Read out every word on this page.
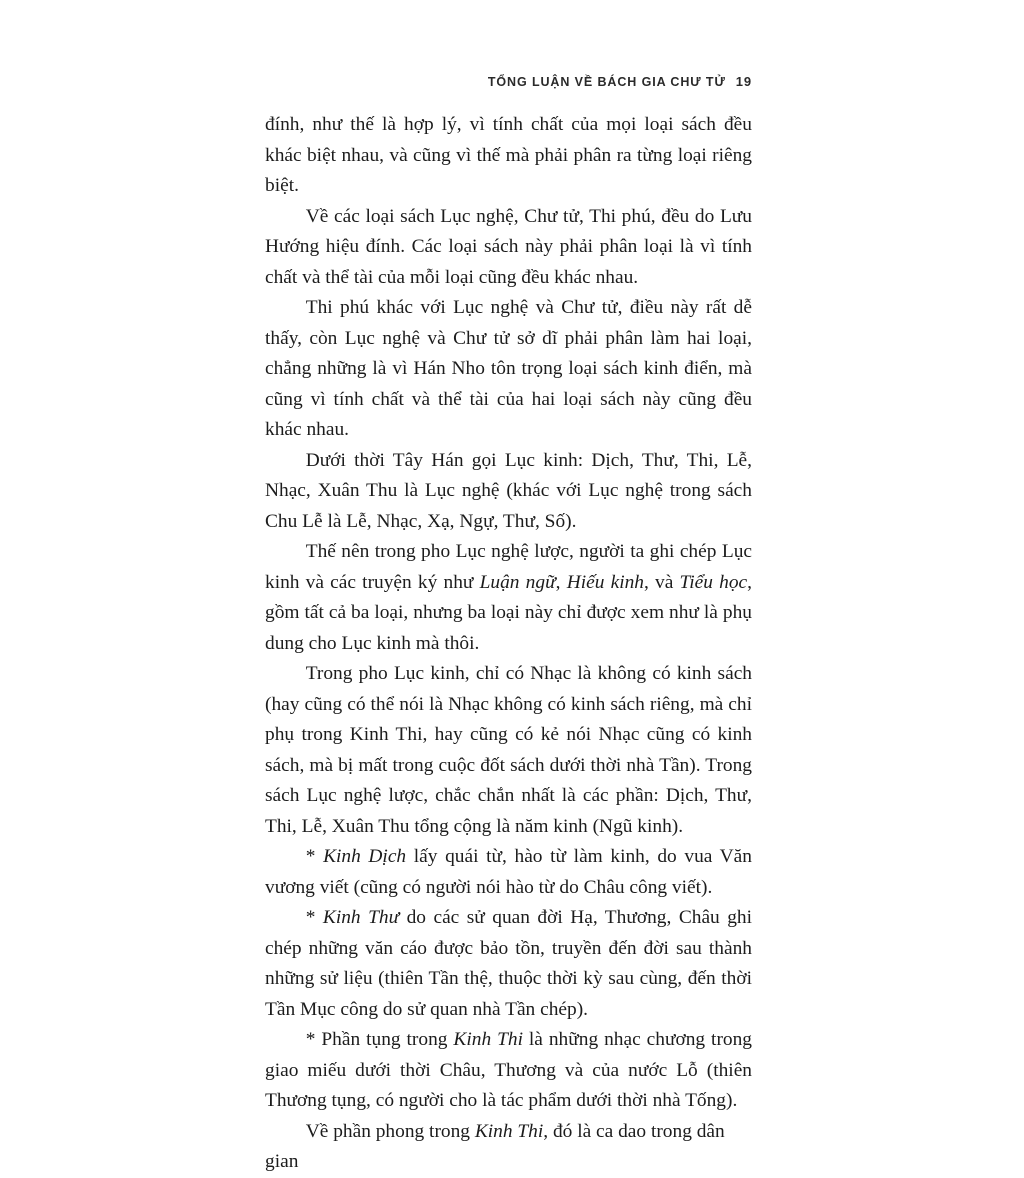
TỔNG LUẬN VỀ BÁCH GIA CHƯ TỬ 19

đính, như thế là hợp lý, vì tính chất của mọi loại sách đều khác biệt nhau, và cũng vì thế mà phải phân ra từng loại riêng biệt.

Về các loại sách Lục nghệ, Chư tử, Thi phú, đều do Lưu Hướng hiệu đính. Các loại sách này phải phân loại là vì tính chất và thể tài của mỗi loại cũng đều khác nhau.

Thi phú khác với Lục nghệ và Chư tử, điều này rất dễ thấy, còn Lục nghệ và Chư tử sở dĩ phải phân làm hai loại, chẳng những là vì Hán Nho tôn trọng loại sách kinh điển, mà cũng vì tính chất và thể tài của hai loại sách này cũng đều khác nhau.

Dưới thời Tây Hán gọi Lục kinh: Dịch, Thư, Thi, Lễ, Nhạc, Xuân Thu là Lục nghệ (khác với Lục nghệ trong sách Chu Lễ là Lễ, Nhạc, Xạ, Ngự, Thư, Số).

Thế nên trong pho Lục nghệ lược, người ta ghi chép Lục kinh và các truyện ký như Luận ngữ, Hiếu kinh, và Tiểu học, gồm tất cả ba loại, nhưng ba loại này chỉ được xem như là phụ dung cho Lục kinh mà thôi.

Trong pho Lục kinh, chỉ có Nhạc là không có kinh sách (hay cũng có thể nói là Nhạc không có kinh sách riêng, mà chỉ phụ trong Kinh Thi, hay cũng có kẻ nói Nhạc cũng có kinh sách, mà bị mất trong cuộc đốt sách dưới thời nhà Tần). Trong sách Lục nghệ lược, chắc chắn nhất là các phần: Dịch, Thư, Thi, Lễ, Xuân Thu tổng cộng là năm kinh (Ngũ kinh).

* Kinh Dịch lấy quái từ, hào từ làm kinh, do vua Văn vương viết (cũng có người nói hào từ do Châu công viết).

* Kinh Thư do các sử quan đời Hạ, Thương, Châu ghi chép những văn cáo được bảo tồn, truyền đến đời sau thành những sử liệu (thiên Tần thệ, thuộc thời kỳ sau cùng, đến thời Tần Mục công do sử quan nhà Tần chép).

* Phần tụng trong Kinh Thi là những nhạc chương trong giao miếu dưới thời Châu, Thương và của nước Lỗ (thiên Thương tụng, có người cho là tác phẩm dưới thời nhà Tống).

Về phần phong trong Kinh Thi, đó là ca dao trong dân gian
